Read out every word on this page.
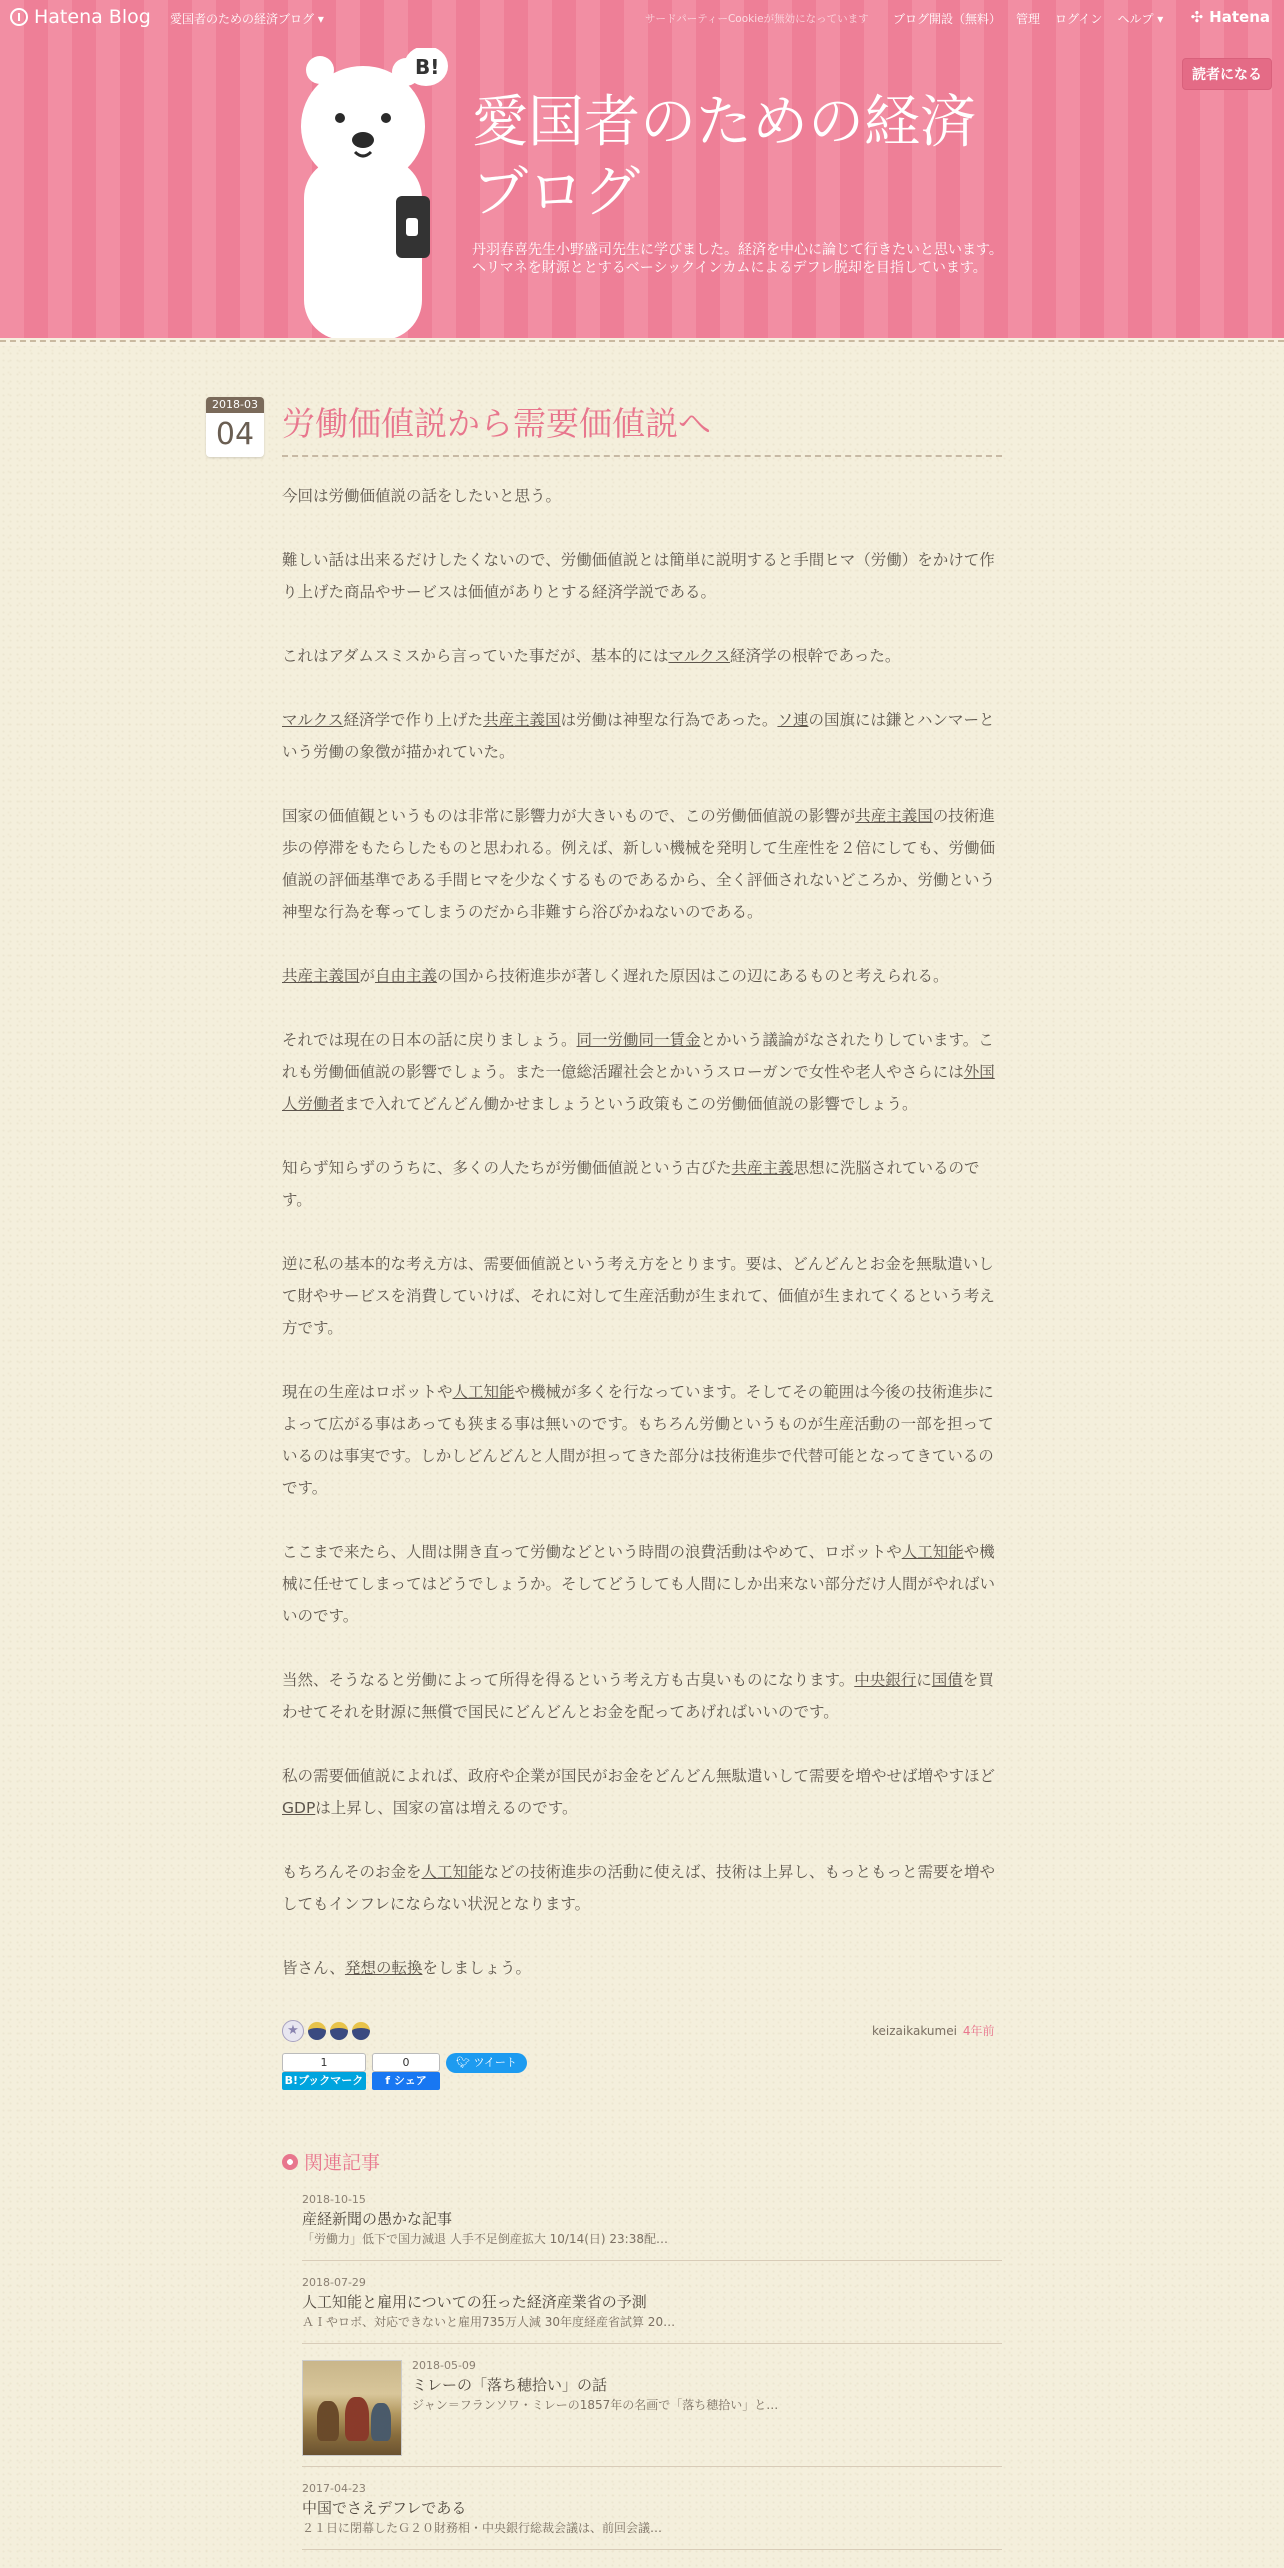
B!
愛国者のための経済ブログ
丹羽春喜先生小野盛司先生に学びました。経済を中心に論じて行きたいと思います。ヘリマネを財源ととするベーシックインカムによるデフレ脱却を目指しています。
読者になる
Hatena Blog 愛国者のための経済ブログ ▾	サードパーティーCookieが無効になっています ブログ開設（無料） 管理 ログイン ヘルプ ▾ ✣ Hatena
2018-03
04 労働価値説から需要価値説へ

今回は労働価値説の話をしたいと思う。

難しい話は出来るだけしたくないので、労働価値説とは簡単に説明すると手間ヒマ（労働）をかけて作り上げた商品やサービスは価値がありとする経済学説である。

これはアダムスミスから言っていた事だが、基本的にはマルクス経済学の根幹であった。

マルクス経済学で作り上げた共産主義国は労働は神聖な行為であった。ソ連の国旗には鎌とハンマーという労働の象徴が描かれていた。

国家の価値観というものは非常に影響力が大きいもので、この労働価値説の影響が共産主義国の技術進歩の停滞をもたらしたものと思われる。例えば、新しい機械を発明して生産性を２倍にしても、労働価値説の評価基準である手間ヒマを少なくするものであるから、全く評価されないどころか、労働という神聖な行為を奪ってしまうのだから非難すら浴びかねないのである。

共産主義国が自由主義の国から技術進歩が著しく遅れた原因はこの辺にあるものと考えられる。

それでは現在の日本の話に戻りましょう。同一労働同一賃金とかいう議論がなされたりしています。これも労働価値説の影響でしょう。また一億総活躍社会とかいうスローガンで女性や老人やさらには外国人労働者まで入れてどんどん働かせましょうという政策もこの労働価値説の影響でしょう。

知らず知らずのうちに、多くの人たちが労働価値説という古びた共産主義思想に洗脳されているのです。

逆に私の基本的な考え方は、需要価値説という考え方をとります。要は、どんどんとお金を無駄遣いして財やサービスを消費していけば、それに対して生産活動が生まれて、価値が生まれてくるという考え方です。

現在の生産はロボットや人工知能や機械が多くを行なっています。そしてその範囲は今後の技術進歩によって広がる事はあっても狭まる事は無いのです。もちろん労働というものが生産活動の一部を担っているのは事実です。しかしどんどんと人間が担ってきた部分は技術進歩で代替可能となってきているのです。

ここまで来たら、人間は開き直って労働などという時間の浪費活動はやめて、ロボットや人工知能や機械に任せてしまってはどうでしょうか。そしてどうしても人間にしか出来ない部分だけ人間がやればいいのです。

当然、そうなると労働によって所得を得るという考え方も古臭いものになります。中央銀行に国債を買わせてそれを財源に無償で国民にどんどんとお金を配ってあげればいいのです。

私の需要価値説によれば、政府や企業が国民がお金をどんどん無駄遣いして需要を増やせば増やすほどGDPは上昇し、国家の富は増えるのです。

もちろんそのお金を人工知能などの技術進歩の活動に使えば、技術は上昇し、もっともっと需要を増やしてもインフレにならない状況となります。

皆さん、発想の転換をしましょう。

★	keizaikakumei 4年前
1
B!ブックマーク
0
f シェア
🐦︎ ツイート
関連記事
2018-10-15
産経新聞の愚かな記事
「労働力」低下で国力減退 人手不足倒産拡大 10/14(日) 23:38配…
2018-07-29
人工知能と雇用についての狂った経済産業省の予測
ＡＩやロボ、対応できないと雇用735万人減 30年度経産省試算 20…
2018-05-09
ミレーの「落ち穂拾い」の話
ジャン＝フランソワ・ミレーの1857年の名画で「落ち穂拾い」と…
2017-04-23
中国でさえデフレである
２１日に閉幕したＧ２０財務相・中央銀行総裁会議は、前回会議…
